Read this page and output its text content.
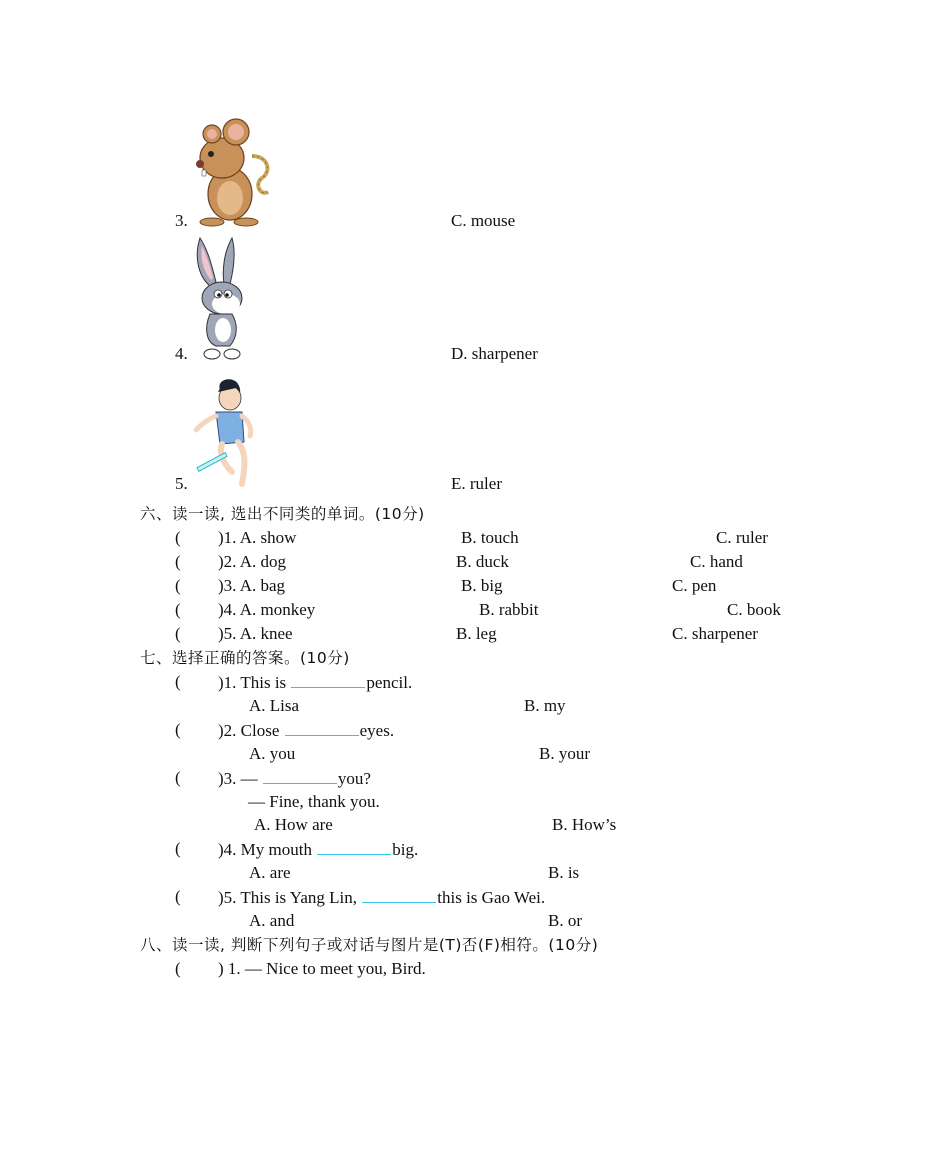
3.	C. mouse
4.	D. sharpener
5.	E. ruler
六、读一读, 选出不同类的单词。(10分)
( )1. A. show	B. touch	C. ruler
( )2. A. dog	B. duck	C. hand
( )3. A. bag	B. big	C. pen
( )4. A. monkey	B. rabbit	C. book
( )5. A. knee	B. leg	C. sharpener
七、选择正确的答案。(10分)
( )1. This is	pencil.
A. Lisa	B. my
( )2. Close	eyes.
A. you	B. your
( )3. —	you?
— Fine, thank you.
A. How are	B. How’s
( )4. My mouth	big.
A. are	B. is
( )5. This is Yang Lin,	this is Gao Wei.
A. and	B. or
八、读一读, 判断下列句子或对话与图片是(T)否(F)相符。(10分)
( ) 1. — Nice to meet you, Bird.
